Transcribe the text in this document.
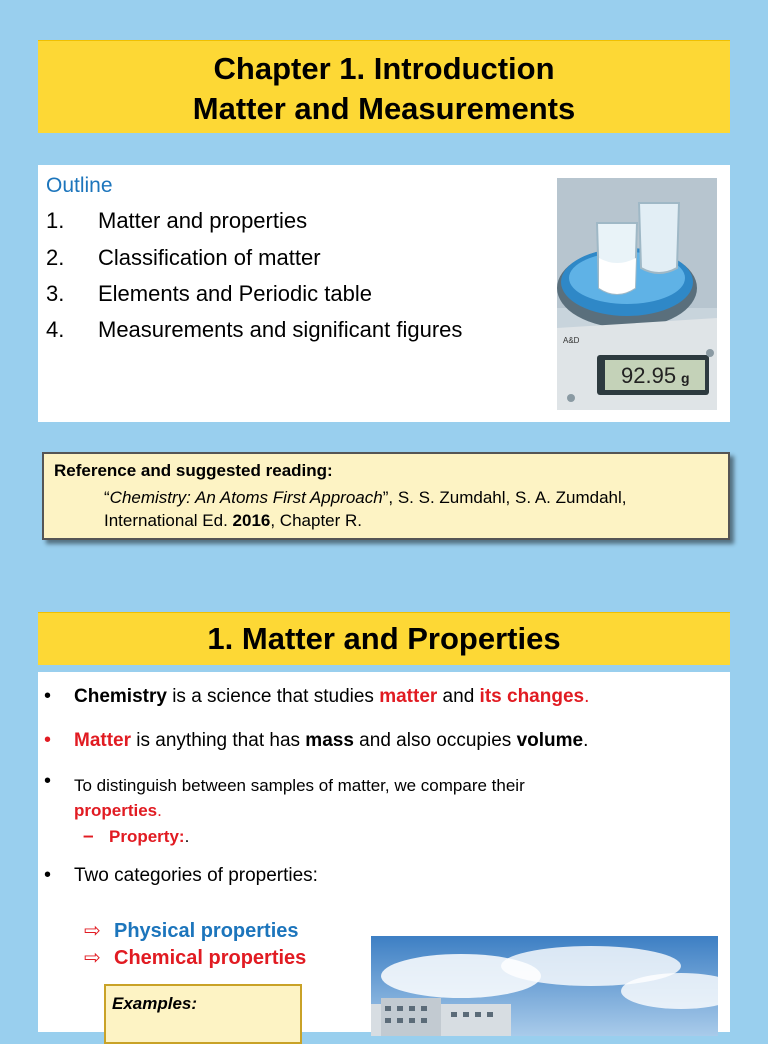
Chapter 1. Introduction
Matter and Measurements
Outline
1. Matter and properties
2. Classification of matter
3. Elements and Periodic table
4. Measurements and significant figures
92.95 g
A&D
Reference and suggested reading:
“Chemistry: An Atoms First Approach”, S. S. Zumdahl, S. A. Zumdahl, International Ed. 2016, Chapter R.
1. Matter and Properties
• Chemistry is a science that studies matter and its changes.
• Matter is anything that has mass and also occupies volume.
• To distinguish between samples of matter, we compare their
properties.
– Property:.
• Two categories of properties:
⇨ Physical properties
⇨ Chemical properties
Examples:
